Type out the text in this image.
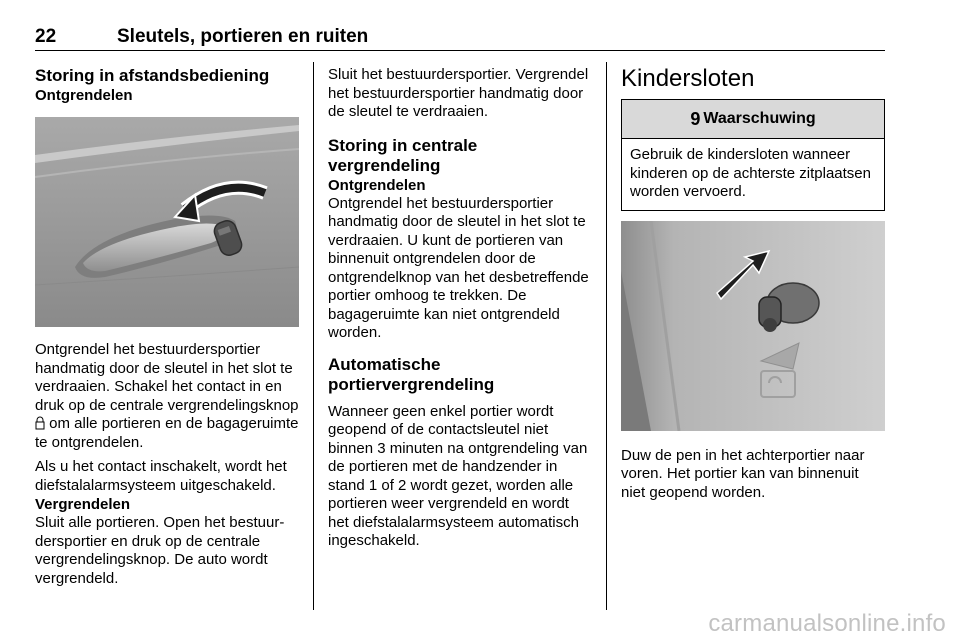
22	Sleutels, portieren en ruiten
Storing in afstandsbediening
Ontgrendelen

Ontgrendel het bestuurdersportier handmatig door de sleutel in het slot te verdraaien. Schakel het contact in en druk op de centrale vergrendelingsknop  om alle portieren en de bagageruimte te ontgrendelen.

Als u het contact inschakelt, wordt het diefstalalarmsysteem uitgeschakeld.

Vergrendelen

Sluit alle portieren. Open het bestuurdersportier en druk op de centrale vergrendelingsknop. De auto wordt vergrendeld.

Sluit het bestuurdersportier. Vergrendel het bestuurdersportier handmatig door de sleutel te verdraaien.

Storing in centrale vergrendeling
Ontgrendelen

Ontgrendel het bestuurdersportier handmatig door de sleutel in het slot te verdraaien. U kunt de portieren van binnenuit ontgrendelen door de ontgrendelknop van het desbetreffende portier omhoog te trekken. De bagageruimte kan niet ontgrendeld worden.

Automatische
portiervergrendeling

Wanneer geen enkel portier wordt geopend of de contactsleutel niet binnen 3 minuten na ontgrendeling van de portieren met de handzender in stand 1 of 2 wordt gezet, worden alle portieren weer vergrendeld en wordt het diefstalalarmsysteem automatisch ingeschakeld.

Kindersloten
9 Waarschuwing
Gebruik de kindersloten wanneer kinderen op de achterste zitplaatsen worden vervoerd.

Duw de pen in het achterportier naar voren. Het portier kan van binnenuit niet geopend worden.

carmanualsonline.info
